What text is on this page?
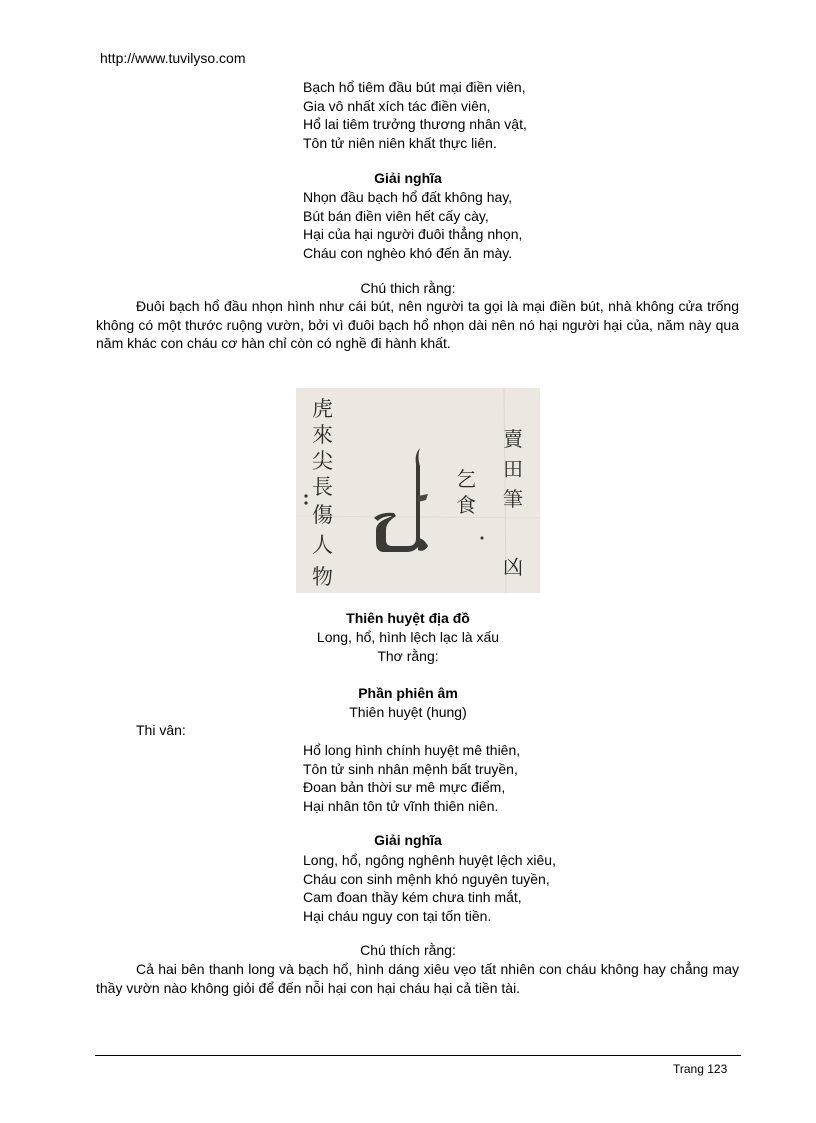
http://www.tuvilyso.com
Bạch hổ tiêm đầu bút mại điền viên,
Gia vô nhất xích tác điền viên,
Hổ lai tiêm trưởng thương nhân vật,
Tôn tử niên niên khất thực liên.
Giải nghĩa
Nhọn đầu bạch hổ đất không hay,
Bút bán điền viên hết cấy cày,
Hại của hại người đuôi thẳng nhọn,
Cháu con nghèo khó đến ăn mày.
Chú thich rằng:
Đuôi bạch hổ đầu nhọn hình như cái bút, nên người ta gọi là mại điền bút, nhà không cửa trống không có một thước ruộng vườn, bởi vì đuôi bạch hổ nhọn dài nên nó hại người hại của, năm này qua năm khác con cháu cơ hàn chỉ còn có nghề đi hành khất.
虎
來
尖
長
傷
人
物
乞
食
賣
田
筆
凶
Thiên huyệt địa đồ
Long, hổ, hình lệch lạc là xấu
Thơ rằng:
Phần phiên âm
Thiên huyệt (hung)
Thi vân:
Hổ long hình chính huyệt mê thiên,
Tôn tử sinh nhân mệnh bất truyền,
Đoan bản thời sư mê mực điểm,
Hại nhân tôn tử vĩnh thiên niên.
Giải nghĩa
Long, hổ, ngông nghênh huyệt lệch xiêu,
Cháu con sinh mệnh khó nguyên tuyền,
Cam đoan thầy kém chưa tinh mắt,
Hại cháu nguy con tại tốn tiền.
Chú thích rằng:
Cả hai bên thanh long và bạch hổ, hình dáng xiêu vẹo tất nhiên con cháu không hay chẳng may thầy vườn nào không giỏi để đến nỗi hại con hại cháu hại cả tiền tài.
Trang 123
